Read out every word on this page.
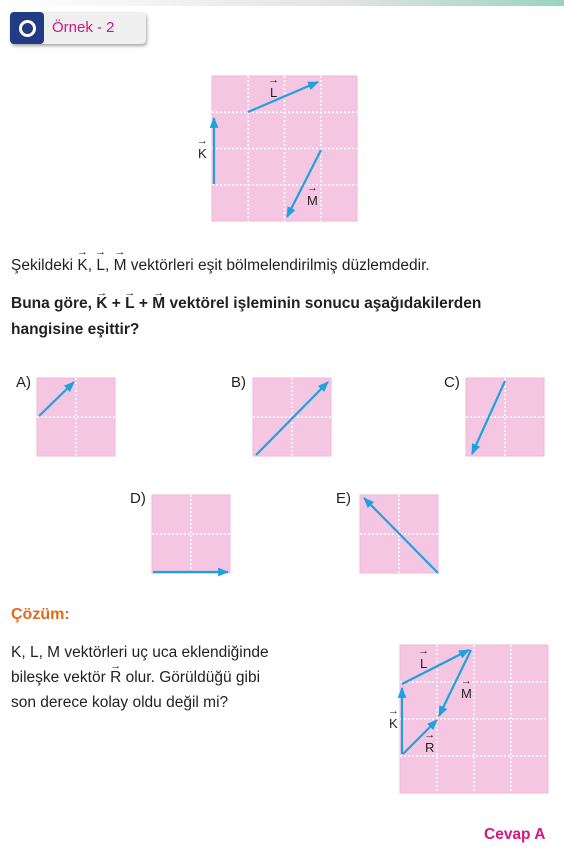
Örnek - 2
→ K
→ L
→ M
Şekildeki → K, → L, → M vektörleri eşit bölmelendirilmiş düzlemdedir.
Buna göre, → K + → L + → M vektörel işleminin sonucu aşağıdakilerden
hangisine eşittir?
A)	B)	C)
D)	E)
Çözüm:
K, L, M vektörleri uç uca eklendiğinde
bileşke vektör → R olur. Görüldüğü gibi
son derece kolay oldu değil mi?
→ K
→ L
→ M
→ R
Cevap A
